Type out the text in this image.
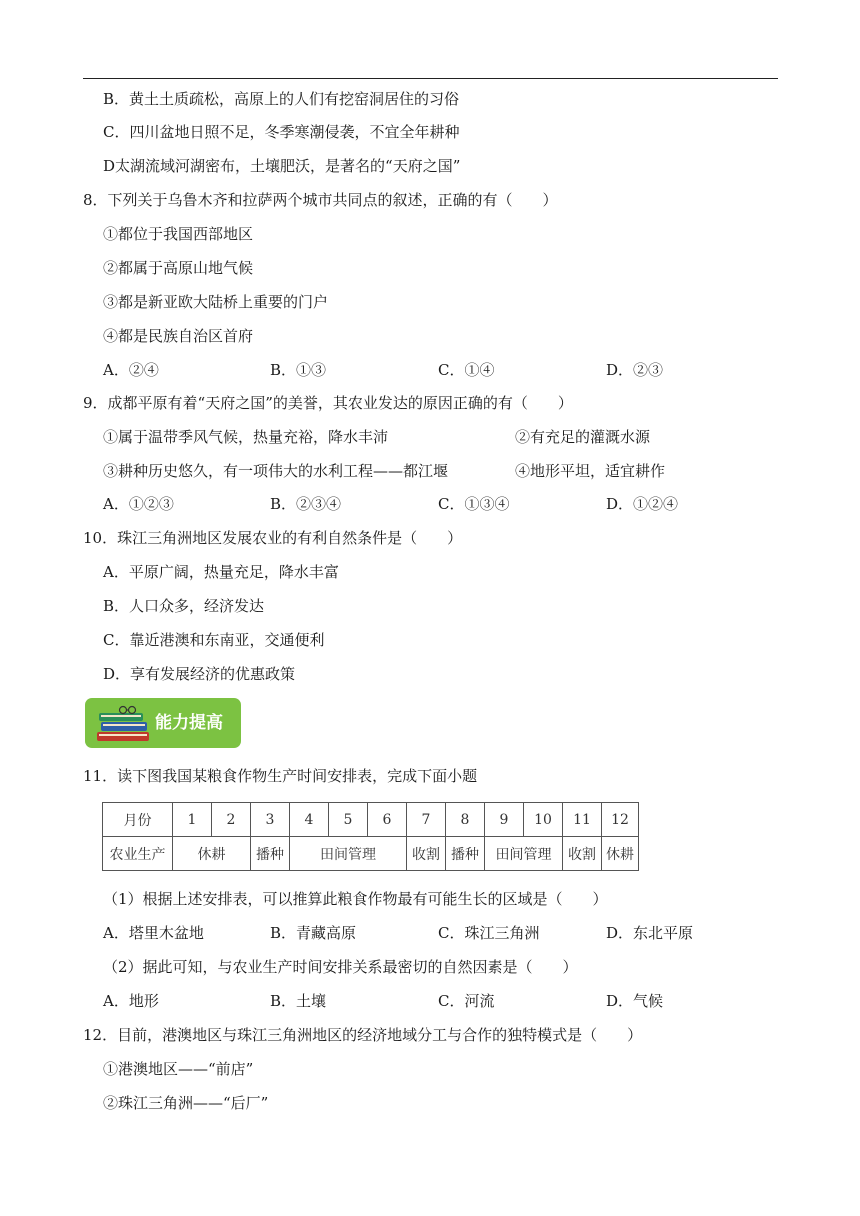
B．黄土土质疏松，高原上的人们有挖窑洞居住的习俗
C．四川盆地日照不足，冬季寒潮侵袭，不宜全年耕种
D太湖流域河湖密布，土壤肥沃，是著名的“天府之国”
8．下列关于乌鲁木齐和拉萨两个城市共同点的叙述，正确的有（　　）
①都位于我国西部地区
②都属于高原山地气候
③都是新亚欧大陆桥上重要的门户
④都是民族自治区首府
A．②④	B．①③	C．①④	D．②③
9．成都平原有着“天府之国”的美誉，其农业发达的原因正确的有（　　）
①属于温带季风气候，热量充裕，降水丰沛	②有充足的灌溉水源
③耕种历史悠久，有一项伟大的水利工程——都江堰	④地形平坦，适宜耕作
A．①②③	B．②③④	C．①③④	D．①②④
10．珠江三角洲地区发展农业的有利自然条件是（　　）
A．平原广阔，热量充足，降水丰富
B．人口众多，经济发达
C．靠近港澳和东南亚，交通便利
D．享有发展经济的优惠政策
能力提高
11．读下图我国某粮食作物生产时间安排表，完成下面小题
月份	1	2	3	4	5	6	7	8	9	10	11	12
农业生产	休耕		播种	田间管理			收割	播种	田间管理		收割	休耕
（1）根据上述安排表，可以推算此粮食作物最有可能生长的区域是（　　）
A．塔里木盆地	B．青藏高原	C．珠江三角洲	D．东北平原
（2）据此可知，与农业生产时间安排关系最密切的自然因素是（　　）
A．地形	B．土壤	C．河流	D．气候
12．目前，港澳地区与珠江三角洲地区的经济地域分工与合作的独特模式是（　　）
①港澳地区——“前店”
②珠江三角洲——“后厂”
